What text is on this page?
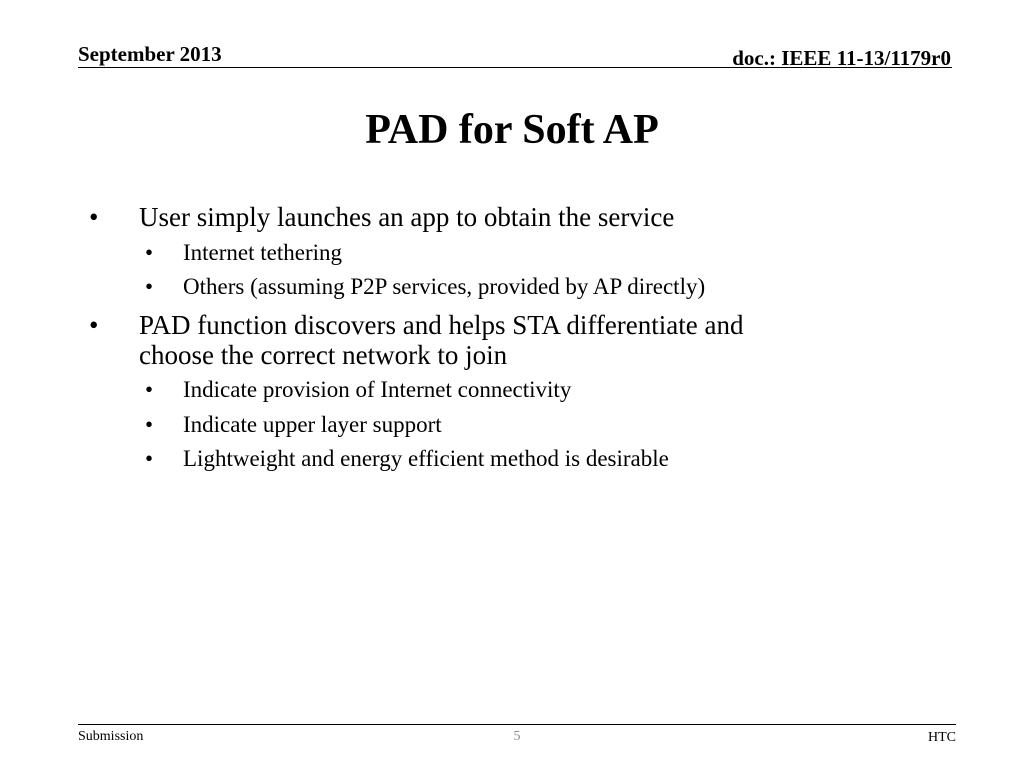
September 2013	doc.: IEEE 11-13/1179r0
PAD for Soft AP
• User simply launches an app to obtain the service
• Internet tethering
• Others (assuming P2P services, provided by AP directly)
• PAD function discovers and helps STA differentiate and
choose the correct network to join
• Indicate provision of Internet connectivity
• Indicate upper layer support
• Lightweight and energy efficient method is desirable
Submission	5	HTC
